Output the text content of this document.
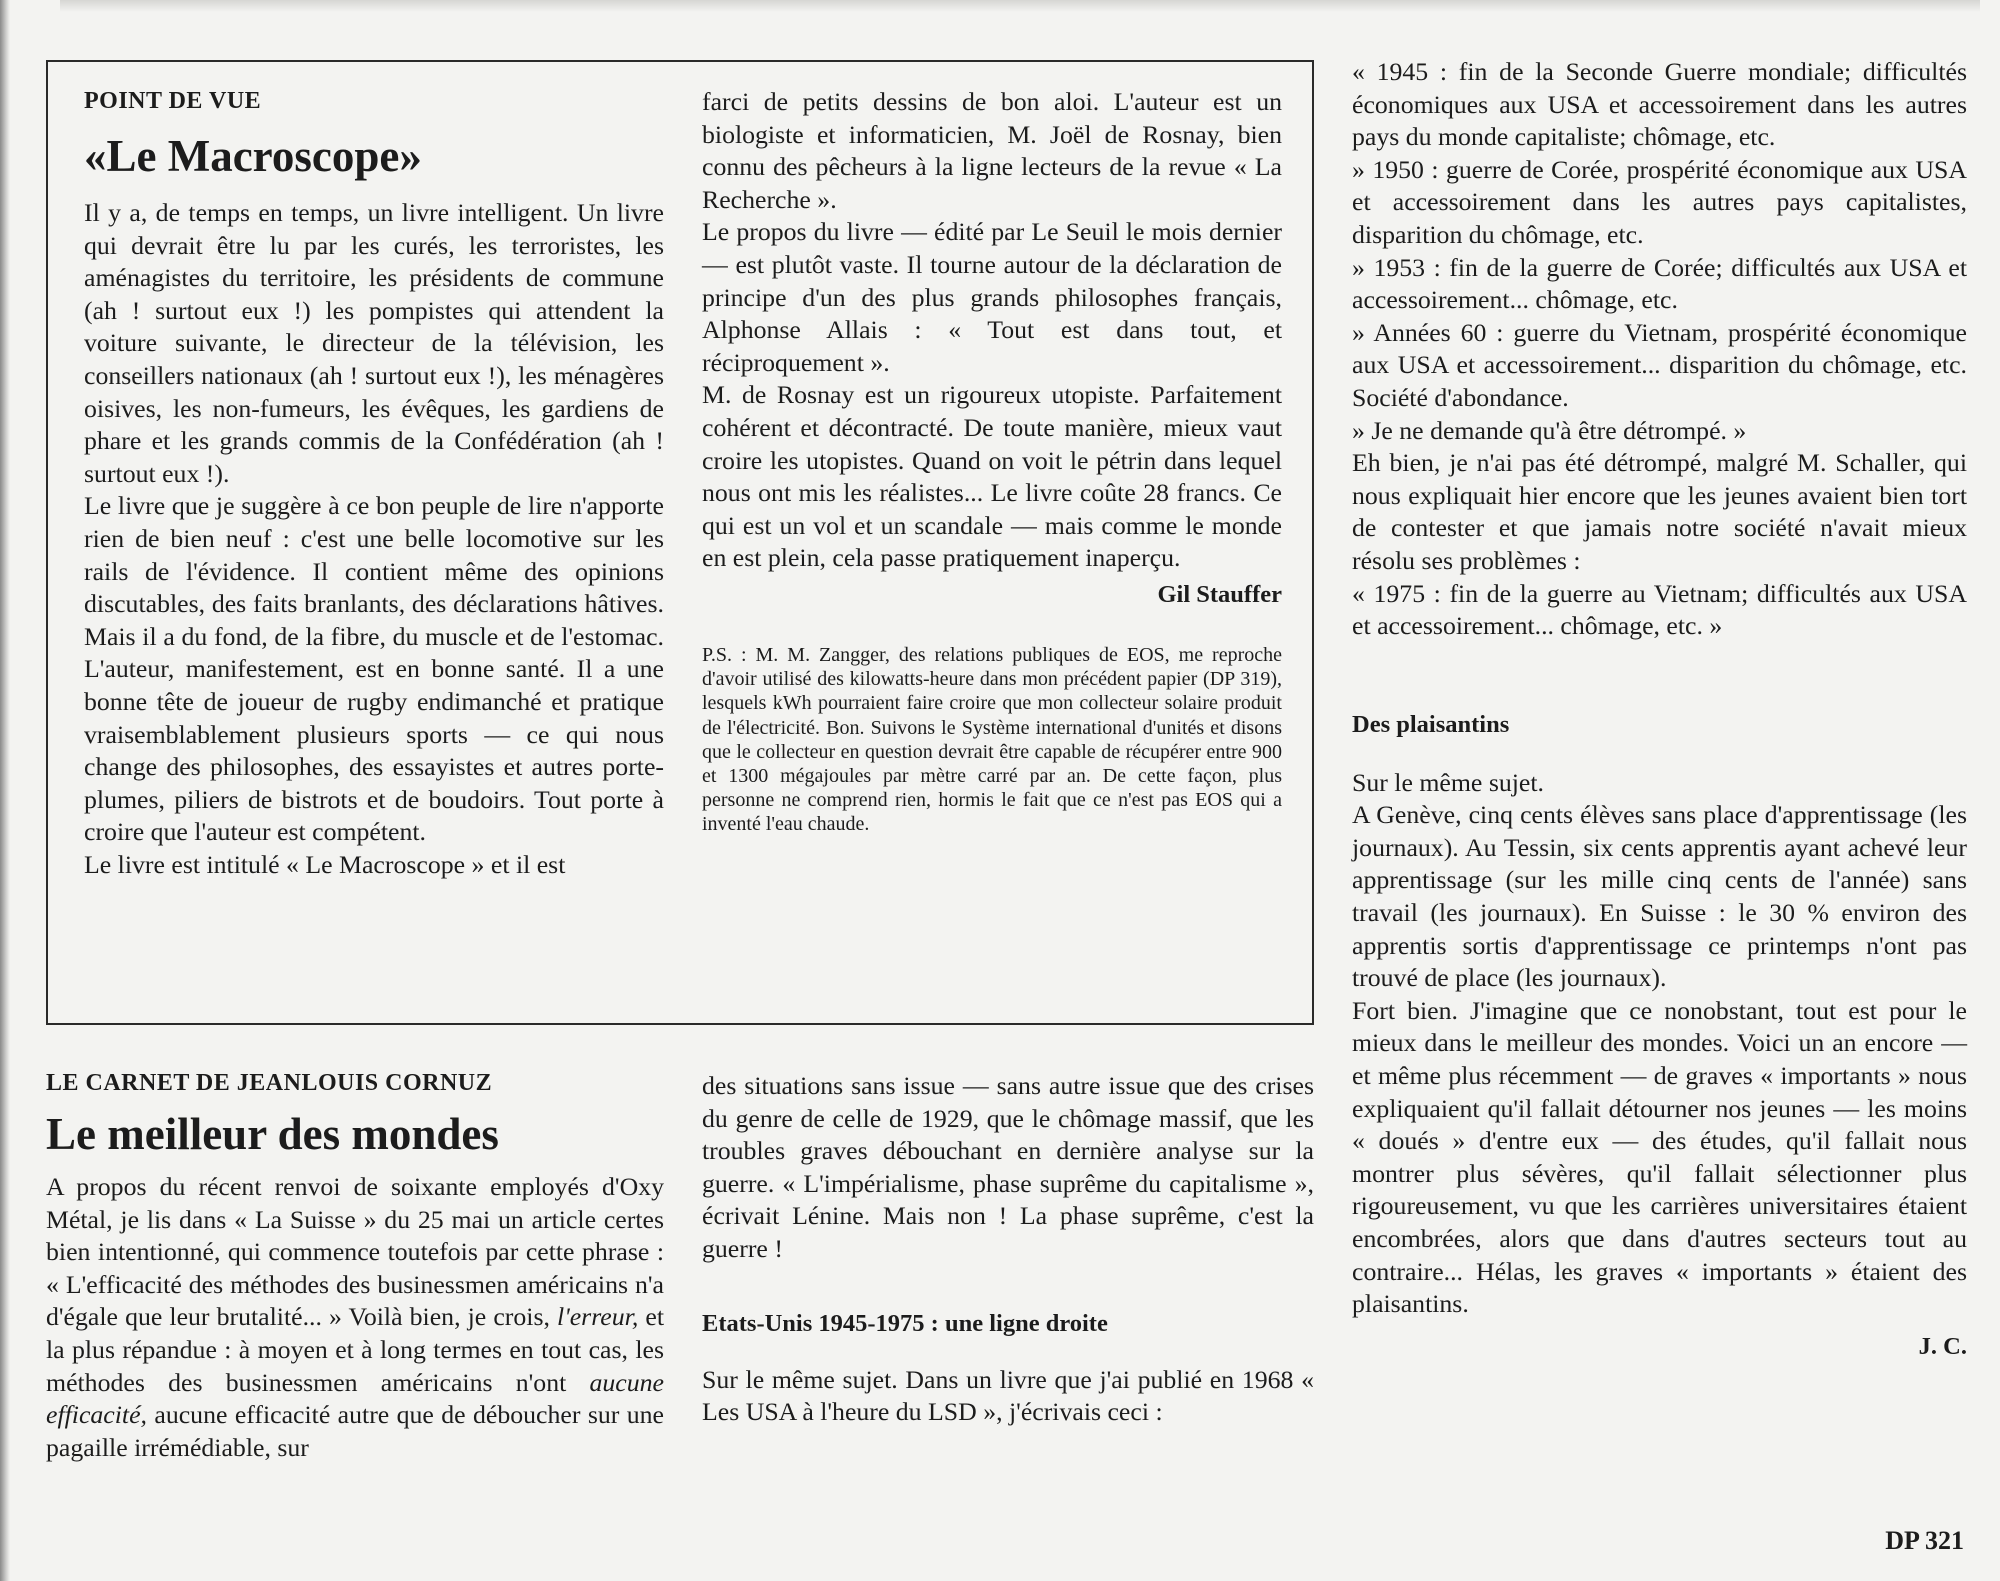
POINT DE VUE

«Le Macroscope»

Il y a, de temps en temps, un livre intelligent. Un livre qui devrait être lu par les curés, les terroristes, les aménagistes du territoire, les présidents de commune (ah ! surtout eux !) les pompistes qui attendent la voiture suivante, le directeur de la télévision, les conseillers nationaux (ah ! surtout eux !), les ménagères oisives, les non-fumeurs, les évêques, les gardiens de phare et les grands commis de la Confédération (ah ! surtout eux !).

Le livre que je suggère à ce bon peuple de lire n'apporte rien de bien neuf : c'est une belle locomotive sur les rails de l'évidence. Il contient même des opinions discutables, des faits branlants, des déclarations hâtives. Mais il a du fond, de la fibre, du muscle et de l'estomac. L'auteur, manifestement, est en bonne santé. Il a une bonne tête de joueur de rugby endimanché et pratique vraisemblablement plusieurs sports — ce qui nous change des philosophes, des essayistes et autres porte-plumes, piliers de bistrots et de boudoirs. Tout porte à croire que l'auteur est compétent.

Le livre est intitulé « Le Macroscope » et il est

farci de petits dessins de bon aloi. L'auteur est un biologiste et informaticien, M. Joël de Rosnay, bien connu des pêcheurs à la ligne lecteurs de la revue « La Recherche ».

Le propos du livre — édité par Le Seuil le mois dernier — est plutôt vaste. Il tourne autour de la déclaration de principe d'un des plus grands philosophes français, Alphonse Allais : « Tout est dans tout, et réciproquement ».

M. de Rosnay est un rigoureux utopiste. Parfaitement cohérent et décontracté. De toute manière, mieux vaut croire les utopistes. Quand on voit le pétrin dans lequel nous ont mis les réalistes... Le livre coûte 28 francs. Ce qui est un vol et un scandale — mais comme le monde en est plein, cela passe pratiquement inaperçu.

Gil Stauffer

P.S. : M. M. Zangger, des relations publiques de EOS, me reproche d'avoir utilisé des kilowatts-heure dans mon précédent papier (DP 319), lesquels kWh pourraient faire croire que mon collecteur solaire produit de l'électricité. Bon. Suivons le Système international d'unités et disons que le collecteur en question devrait être capable de récupérer entre 900 et 1300 mégajoules par mètre carré par an. De cette façon, plus personne ne comprend rien, hormis le fait que ce n'est pas EOS qui a inventé l'eau chaude.

« 1945 : fin de la Seconde Guerre mondiale; difficultés économiques aux USA et accessoirement dans les autres pays du monde capitaliste; chômage, etc.

» 1950 : guerre de Corée, prospérité économique aux USA et accessoirement dans les autres pays capitalistes, disparition du chômage, etc.

» 1953 : fin de la guerre de Corée; difficultés aux USA et accessoirement... chômage, etc.

» Années 60 : guerre du Vietnam, prospérité économique aux USA et accessoirement... disparition du chômage, etc. Société d'abondance.

» Je ne demande qu'à être détrompé. »

Eh bien, je n'ai pas été détrompé, malgré M. Schaller, qui nous expliquait hier encore que les jeunes avaient bien tort de contester et que jamais notre société n'avait mieux résolu ses problèmes :

« 1975 : fin de la guerre au Vietnam; difficultés aux USA et accessoirement... chômage, etc. »

Des plaisantins

Sur le même sujet.

A Genève, cinq cents élèves sans place d'apprentissage (les journaux). Au Tessin, six cents apprentis ayant achevé leur apprentissage (sur les mille cinq cents de l'année) sans travail (les journaux). En Suisse : le 30 % environ des apprentis sortis d'apprentissage ce printemps n'ont pas trouvé de place (les journaux).

Fort bien. J'imagine que ce nonobstant, tout est pour le mieux dans le meilleur des mondes. Voici un an encore — et même plus récemment — de graves « importants » nous expliquaient qu'il fallait détourner nos jeunes — les moins « doués » d'entre eux — des études, qu'il fallait nous montrer plus sévères, qu'il fallait sélectionner plus rigoureusement, vu que les carrières universitaires étaient encombrées, alors que dans d'autres secteurs tout au contraire... Hélas, les graves « importants » étaient des plaisantins.

J. C.

LE CARNET DE JEANLOUIS CORNUZ

Le meilleur des mondes

A propos du récent renvoi de soixante employés d'Oxy Métal, je lis dans « La Suisse » du 25 mai un article certes bien intentionné, qui commence toutefois par cette phrase : « L'efficacité des méthodes des businessmen américains n'a d'égale que leur brutalité... » Voilà bien, je crois, l'erreur, et la plus répandue : à moyen et à long termes en tout cas, les méthodes des businessmen américains n'ont aucune efficacité, aucune efficacité autre que de déboucher sur une pagaille irrémédiable, sur

des situations sans issue — sans autre issue que des crises du genre de celle de 1929, que le chômage massif, que les troubles graves débouchant en dernière analyse sur la guerre. « L'impérialisme, phase suprême du capitalisme », écrivait Lénine. Mais non ! La phase suprême, c'est la guerre !

Etats-Unis 1945-1975 : une ligne droite

Sur le même sujet. Dans un livre que j'ai publié en 1968 « Les USA à l'heure du LSD », j'écrivais ceci :

DP 321
